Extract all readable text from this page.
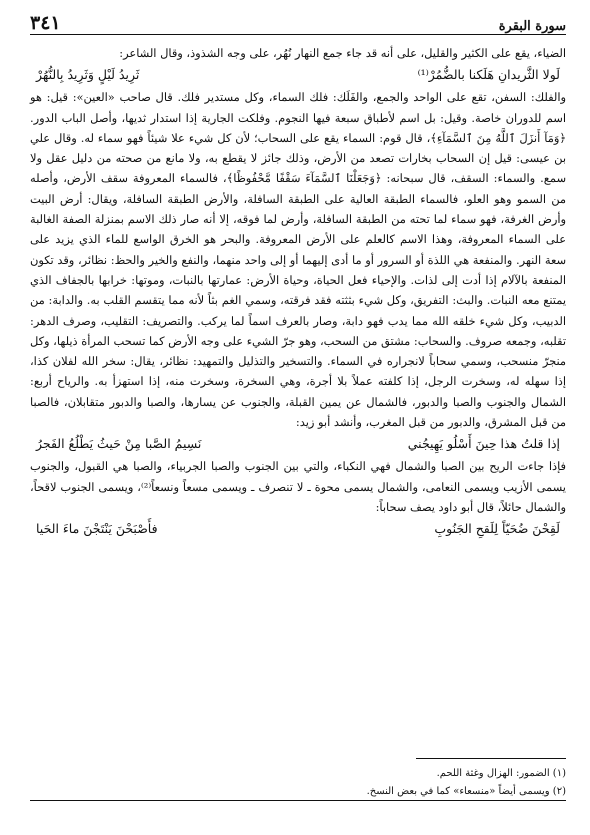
سورة البقرة
٣٤١

الضياء، يقع على الكثير والقليل، على أنه قد جاء جمع النهار نُهُر، على وجه الشذوذ، وقال الشاعر:

لَولا الثَّريدانِ هَلَكنا بالضُّمُرْ⁽¹⁾
ثَرِيدُ لَيْلٍ وَثَرِيدُ بِالنُّهُرْ

والفلك: السفن، تقع على الواحد والجمع، والفَلَك: فلك السماء، وكل مستدير فلك. قال صاحب «العين»: قيل: هو اسم للدوران خاصة. وقيل: بل اسم لأطباق سبعة فيها النجوم. وفلكت الجارية إذا استدار ثديها، وأصل الباب الدور. ﴿وَمَآ أَنزَلَ ٱللَّهُ مِنَ ٱلسَّمَآءِ﴾، قال قوم: السماء يقع على السحاب؛ لأن كل شيء علا شيئاً فهو سماء له. وقال علي بن عيسى: قيل إن السحاب بخارات تصعد من الأرض، وذلك جائز لا يقطع به، ولا مانع من صحته من دليل عقل ولا سمع. والسماء: السقف، قال سبحانه: ﴿وَجَعَلْنَا ٱلسَّمَآءَ سَقْفًا مَّحْفُوظًا﴾، فالسماء المعروفة سقف الأرض، وأصله من السمو وهو العلو، فالسماء الطبقة العالية على الطبقة السافلة، والأرض الطبقة السافلة، ويقال: أرض البيت وأرض الغرفة، فهو سماء لما تحته من الطبقة السافلة، وأرض لما فوقه، إلا أنه صار ذلك الاسم بمنزلة الصفة الغالبة على السماء المعروفة، وهذا الاسم كالعلم على الأرض المعروفة. والبحر هو الخرق الواسع للماء الذي يزيد على سعة النهر. والمنفعة هي اللذة أو السرور أو ما أدى إليهما أو إلى واحد منهما، والنفع والخير والحظ: نظائر، وقد تكون المنفعة بالآلام إذا أدت إلى لذات. والإحياء فعل الحياة، وحياة الأرض: عمارتها بالنبات، وموتها: خرابها بالجفاف الذي يمتنع معه النبات. والبث: التفريق، وكل شيء بثثته فقد فرقته، وسمي الغم بثاً لأنه مما يتقسم القلب به. والدابة: من الدبيب، وكل شيء خلقه الله مما يدب فهو دابة، وصار بالعرف اسماً لما يركب. والتصريف: التقليب، وصرف الدهر: تقلبه، وجمعه صروف. والسحاب: مشتق من السحب، وهو جرّ الشيء على وجه الأرض كما تسحب المرأة ذيلها، وكل منجرّ منسحب، وسمي سحاباً لانجراره في السماء. والتسخير والتذليل والتمهيد: نظائر، يقال: سخر الله لفلان كذا، إذا سهله له، وسخرت الرجل، إذا كلفته عملاً بلا أجرة، وهي السخرة، وسخرت منه، إذا استهزأ به. والرياح أربع: الشمال والجنوب والصبا والدبور، فالشمال عن يمين القبلة، والجنوب عن يسارها، والصبا والدبور متقابلان، فالصبا من قبل المشرق، والدبور من قبل المغرب، وأنشد أبو زيد:

إذا قلتُ هذا حِينَ أَسْلُو يَهِيجُني
نَسِيمُ الصَّبا مِنْ حَيثُ يَطْلُعُ الفَجرُ

فإذا جاءت الريح بين الصبا والشمال فهي النكباء، والتي بين الجنوب والصبا الجربياء، والصبا هي القبول، والجنوب يسمى الأزيب ويسمى النعامى، والشمال يسمى محوة ـ لا تنصرف ـ ويسمى مسعاً ونسعاً⁽²⁾، ويسمى الجنوب لاقحاً، والشمال حائلاً، قال أبو داود يصف سحاباً:

لَقِحْنَ ضُحَيّاً لِلَقحِ الجَنُوبِ
فأَصْبَحْنَ يَنْتَجْنَ ماءَ الحَيا

(١) الضمور: الهزال وغثة اللحم.

(٢) ويسمى أيضاً «منسعاء» كما في بعض النسخ.
